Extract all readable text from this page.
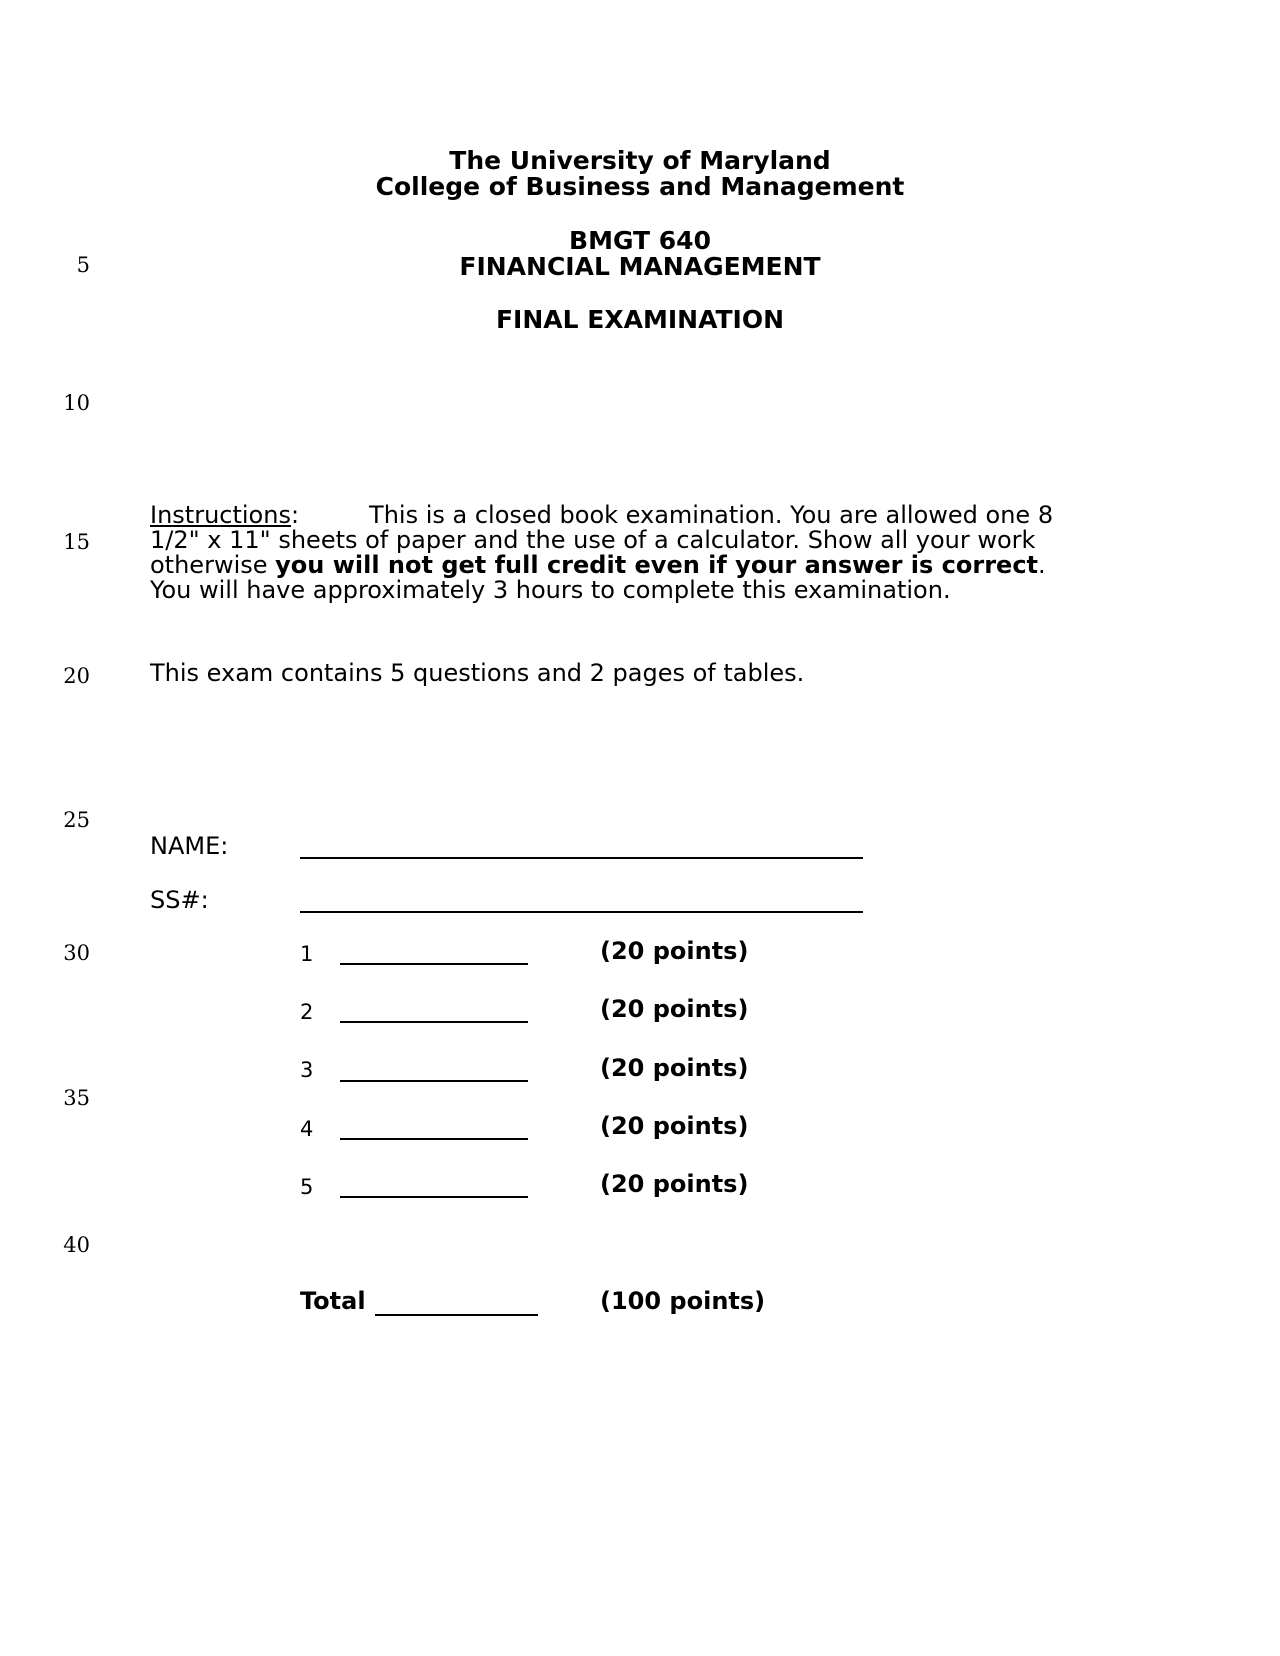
5
10
15
20
25
30
35
40
The University of Maryland
College of Business and Management
BMGT 640
FINANCIAL MANAGEMENT
FINAL EXAMINATION
Instructions:	This is a closed book examination. You are allowed one 8
1/2" x 11" sheets of paper and the use of a calculator. Show all your work
otherwise you will not get full credit even if your answer is correct.
You will have approximately 3 hours to complete this examination.
This exam contains 5 questions and 2 pages of tables.
NAME:
SS#:
1	(20 points)
2	(20 points)
3	(20 points)
4	(20 points)
5	(20 points)
Total	(100 points)
